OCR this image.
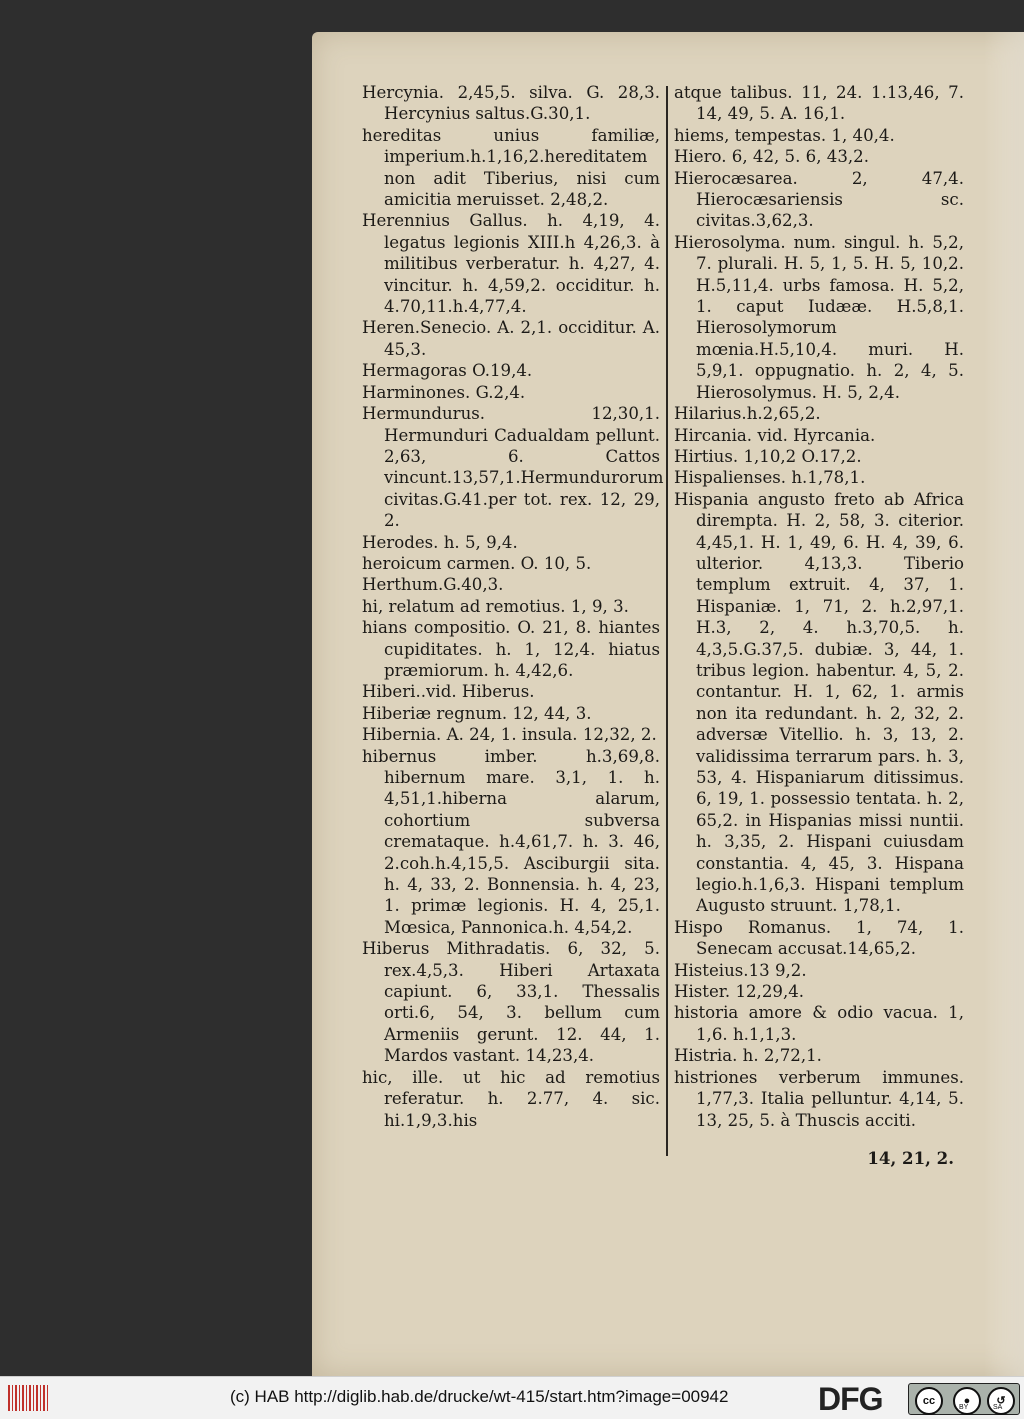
Hercynia. 2,45,5. silva. G. 28,3. Hercynius saltus.G.30,1.

hereditas unius familiæ, imperium.h.1,16,2.hereditatem non adit Tiberius, nisi cum amicitia meruisset. 2,48,2.

Herennius Gallus. h. 4,19, 4. legatus legionis XIII.h 4,26,3. à militibus verberatur. h. 4,27, 4. vincitur. h. 4,59,2. occiditur. h. 4.70,11.h.4,77,4.

Heren.Senecio. A. 2,1. occiditur. A. 45,3.

Hermagoras O.19,4.

Harminones. G.2,4.

Hermundurus. 12,30,1. Hermunduri Cadualdam pellunt. 2,63, 6. Cattos vincunt.13,57,1.Hermundurorum civitas.G.41.per tot. rex. 12, 29, 2.

Herodes. h. 5, 9,4.

heroicum carmen. O. 10, 5.

Herthum.G.40,3.

hi, relatum ad remotius. 1, 9, 3.

hians compositio. O. 21, 8. hiantes cupiditates. h. 1, 12,4. hiatus præmiorum. h. 4,42,6.

Hiberi..vid. Hiberus.

Hiberiæ regnum. 12, 44, 3.

Hibernia. A. 24, 1. insula. 12,32, 2.

hibernus imber. h.3,69,8. hibernum mare. 3,1, 1. h. 4,51,1.hiberna alarum, cohortium subversa cremataque. h.4,61,7. h. 3. 46, 2.coh.h.4,15,5. Asciburgii sita. h. 4, 33, 2. Bonnensia. h. 4, 23, 1. primæ legionis. H. 4, 25,1. Mœsica, Pannonica.h. 4,54,2.

Hiberus Mithradatis. 6, 32, 5. rex.4,5,3. Hiberi Artaxata capiunt. 6, 33,1. Thessalis orti.6, 54, 3. bellum cum Armeniis gerunt. 12. 44, 1. Mardos vastant. 14,23,4.

hic, ille. ut hic ad remotius referatur. h. 2.77, 4. sic. hi.1,9,3.his

atque talibus. 11, 24. 1.13,46, 7. 14, 49, 5. A. 16,1.

hiems, tempestas. 1, 40,4.

Hiero. 6, 42, 5. 6, 43,2.

Hierocæsarea. 2, 47,4. Hierocæsariensis sc. civitas.3,62,3.

Hierosolyma. num. singul. h. 5,2, 7. plurali. H. 5, 1, 5. H. 5, 10,2. H.5,11,4. urbs famosa. H. 5,2, 1. caput Iudææ. H.5,8,1. Hierosolymorum mœnia.H.5,10,4. muri. H. 5,9,1. oppugnatio. h. 2, 4, 5. Hierosolymus. H. 5, 2,4.

Hilarius.h.2,65,2.

Hircania. vid. Hyrcania.

Hirtius. 1,10,2 O.17,2.

Hispalienses. h.1,78,1.

Hispania angusto freto ab Africa dirempta. H. 2, 58, 3. citerior. 4,45,1. H. 1, 49, 6. H. 4, 39, 6. ulterior. 4,13,3. Tiberio templum extruit. 4, 37, 1. Hispaniæ. 1, 71, 2. h.2,97,1. H.3, 2, 4. h.3,70,5. h. 4,3,5.G.37,5. dubiæ. 3, 44, 1. tribus legion. habentur. 4, 5, 2. contantur. H. 1, 62, 1. armis non ita redundant. h. 2, 32, 2. adversæ Vitellio. h. 3, 13, 2. validissima terrarum pars. h. 3, 53, 4. Hispaniarum ditissimus. 6, 19, 1. possessio tentata. h. 2, 65,2. in Hispanias missi nuntii. h. 3,35, 2. Hispani cuiusdam constantia. 4, 45, 3. Hispana legio.h.1,6,3. Hispani templum Augusto struunt. 1,78,1.

Hispo Romanus. 1, 74, 1. Senecam accusat.14,65,2.

Histeius.13 9,2.

Hister. 12,29,4.

historia amore & odio vacua. 1, 1,6. h.1,1,3.

Histria. h. 2,72,1.

histriones verberum immunes. 1,77,3. Italia pelluntur. 4,14, 5. 13, 25, 5. à Thuscis acciti.

14, 21, 2.

(c) HAB http://diglib.hab.de/drucke/wt-415/start.htm?image=00942	DFG	cc	●
BY
↺
SA
